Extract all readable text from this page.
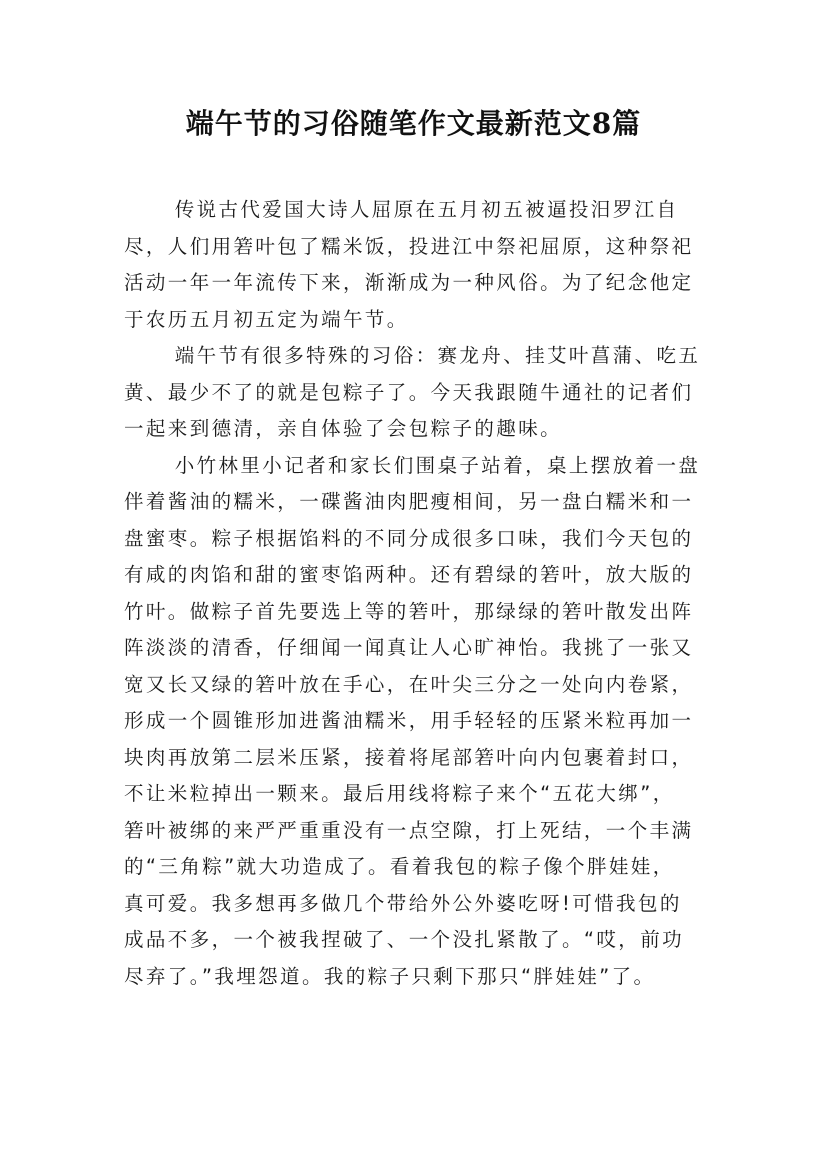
端午节的习俗随笔作文最新范文8篇

传说古代爱国大诗人屈原在五月初五被逼投汨罗江自
尽，人们用箬叶包了糯米饭，投进江中祭祀屈原，这种祭祀
活动一年一年流传下来，渐渐成为一种风俗。为了纪念他定
于农历五月初五定为端午节。

端午节有很多特殊的习俗：赛龙舟、挂艾叶菖蒲、吃五
黄、最少不了的就是包粽子了。今天我跟随牛通社的记者们
一起来到德清，亲自体验了会包粽子的趣味。

小竹林里小记者和家长们围桌子站着，桌上摆放着一盘
伴着酱油的糯米，一碟酱油肉肥瘦相间，另一盘白糯米和一
盘蜜枣。粽子根据馅料的不同分成很多口味，我们今天包的
有咸的肉馅和甜的蜜枣馅两种。还有碧绿的箬叶，放大版的
竹叶。做粽子首先要选上等的箬叶，那绿绿的箬叶散发出阵
阵淡淡的清香，仔细闻一闻真让人心旷神怡。我挑了一张又
宽又长又绿的箬叶放在手心，在叶尖三分之一处向内卷紧，
形成一个圆锥形加进酱油糯米，用手轻轻的压紧米粒再加一
块肉再放第二层米压紧，接着将尾部箬叶向内包裹着封口，
不让米粒掉出一颗来。最后用线将粽子来个“五花大绑”，
箬叶被绑的来严严重重没有一点空隙，打上死结，一个丰满
的“三角粽”就大功造成了。看着我包的粽子像个胖娃娃，
真可爱。我多想再多做几个带给外公外婆吃呀!可惜我包的
成品不多，一个被我捏破了、一个没扎紧散了。“哎，前功
尽弃了。”我埋怨道。我的粽子只剩下那只“胖娃娃”了。
